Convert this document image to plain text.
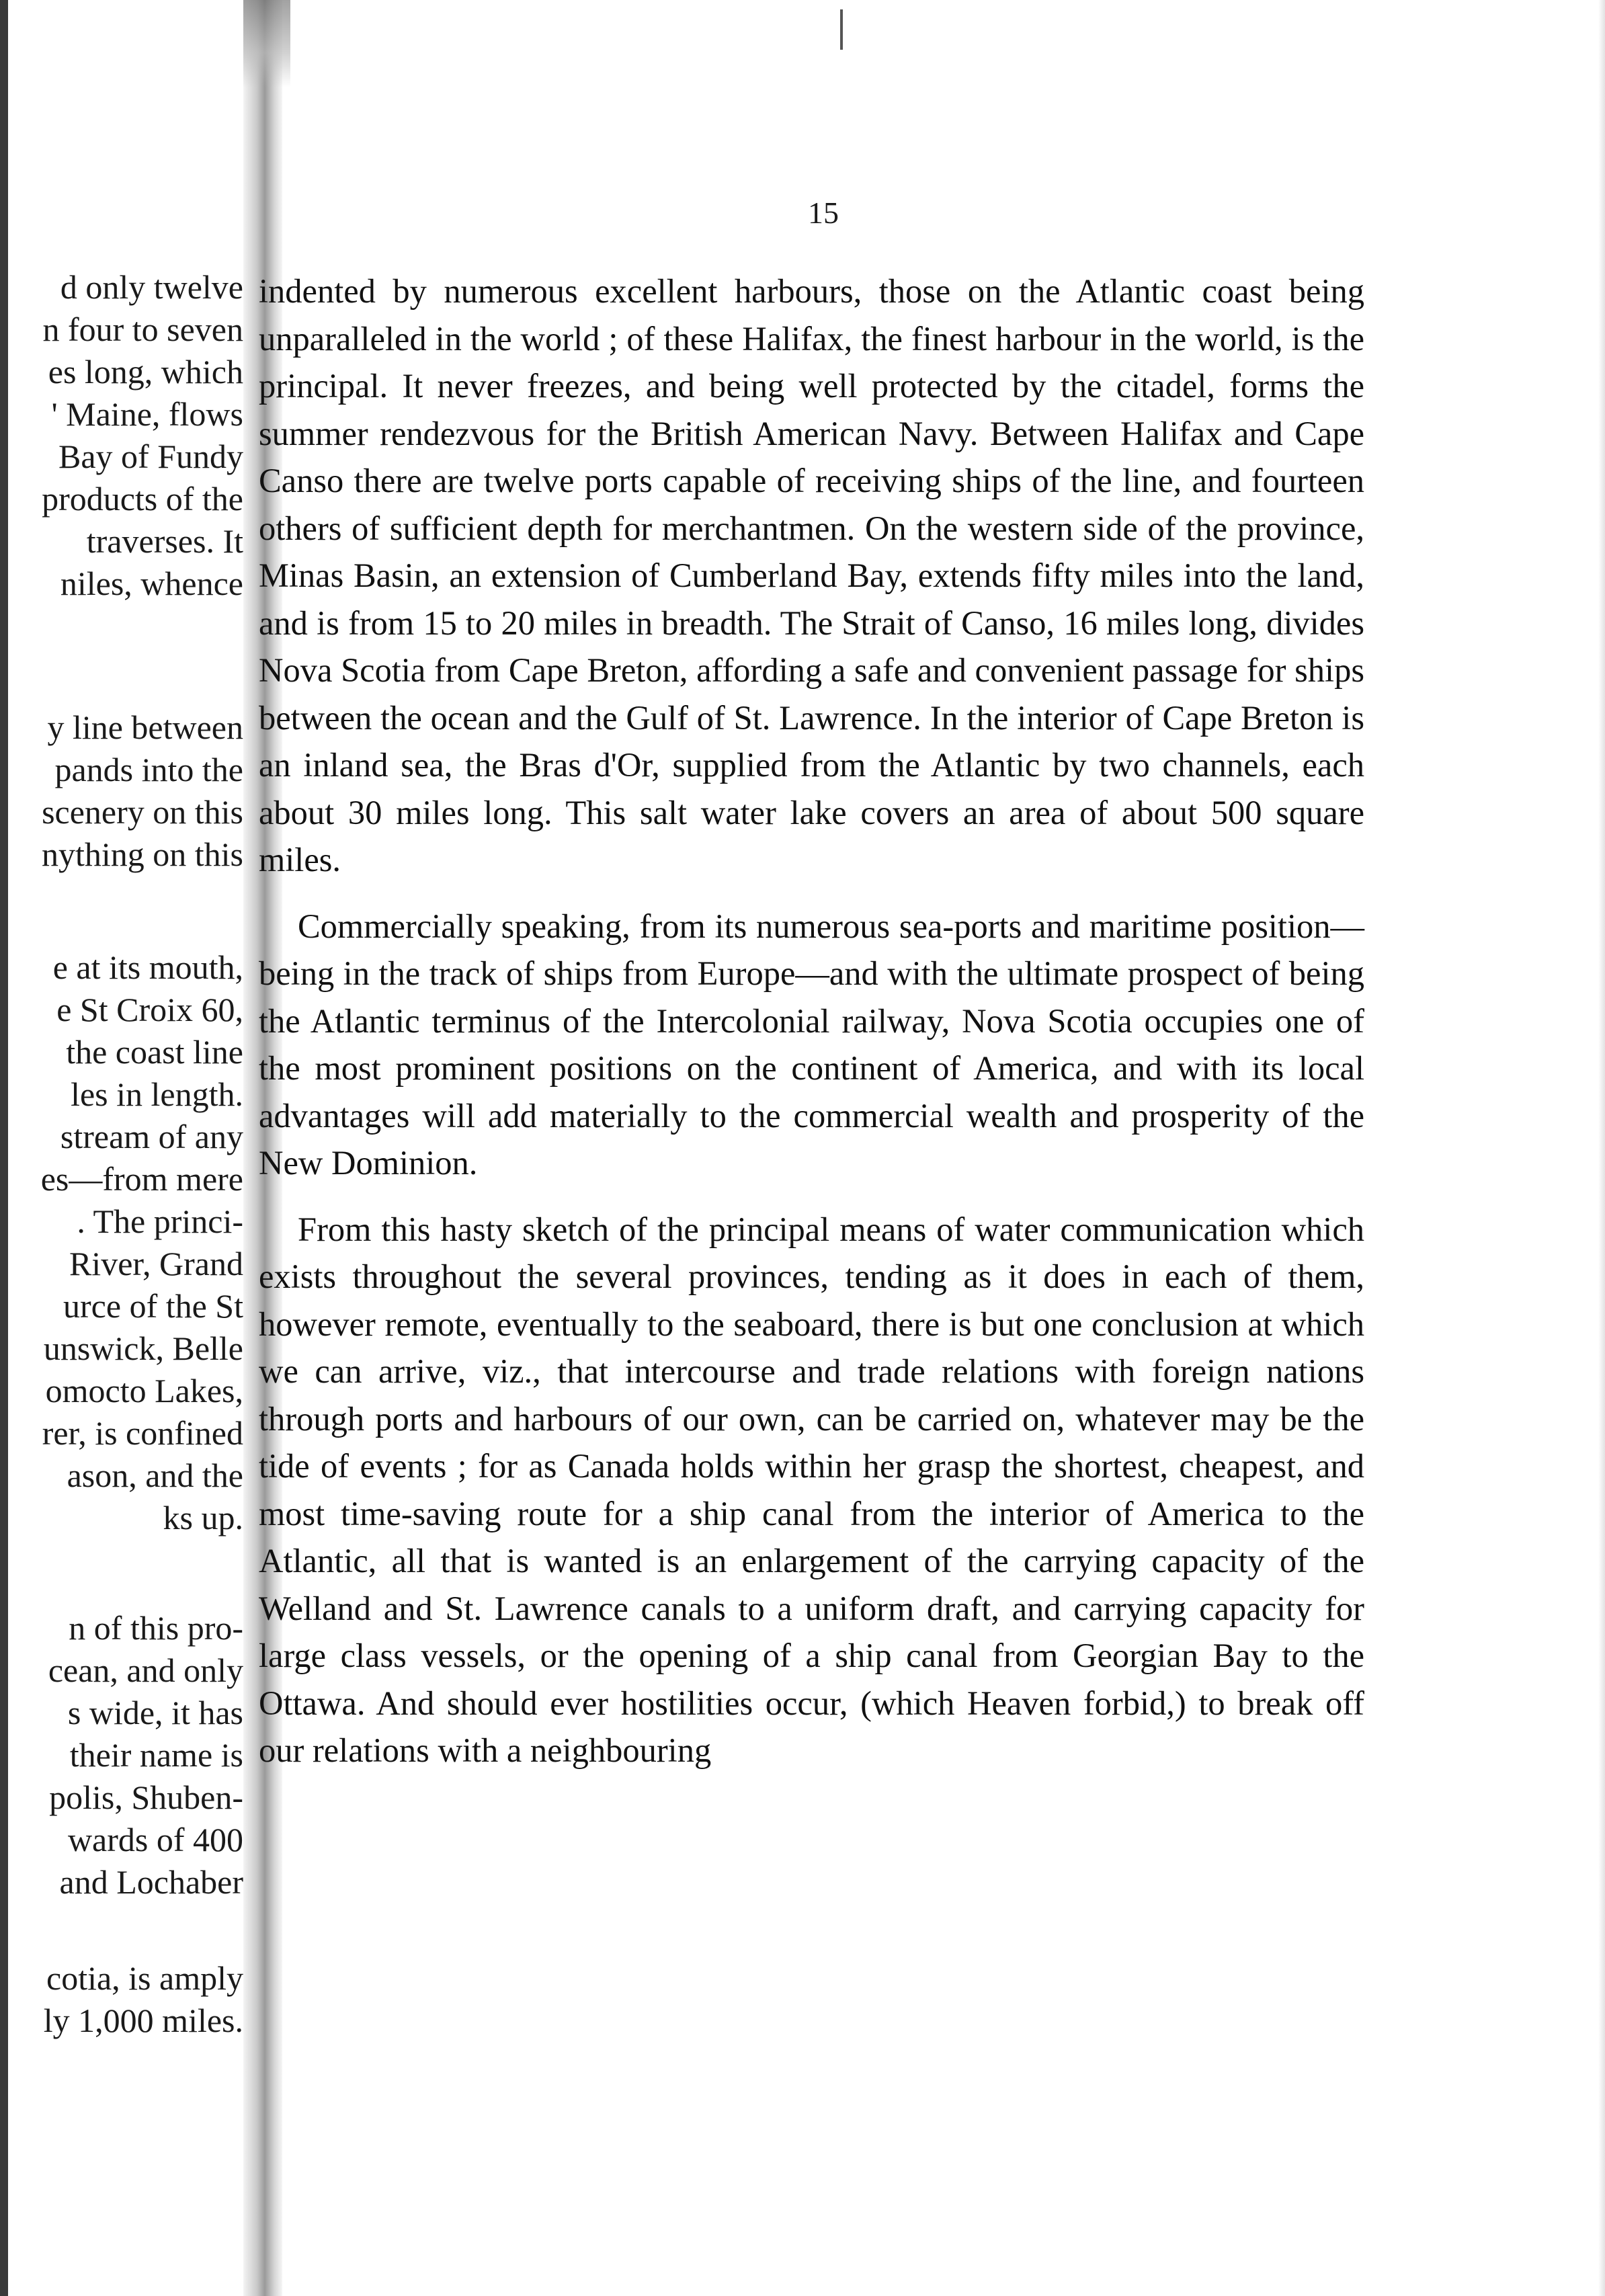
d only twelve
n four to seven
es long, which
' Maine, flows
Bay of Fundy
products of the
traverses. It
niles, whence
y line between
pands into the
scenery on this
nything on this
e at its mouth,
e St Croix 60,
the coast line
les in length.
stream of any
es—from mere
. The princi-
River, Grand
urce of the St
unswick, Belle
omocto Lakes,
rer, is confined
ason, and the
ks up.
n of this pro-
cean, and only
s wide, it has
their name is
polis, Shuben-
wards of 400
and Lochaber
cotia, is amply
ly 1,000 miles.
15

indented by numerous excellent harbours, those on the Atlantic coast being unparalleled in the world ; of these Halifax, the finest harbour in the world, is the principal. It never freezes, and being well protected by the citadel, forms the summer rendezvous for the British American Navy. Between Halifax and Cape Canso there are twelve ports capable of receiving ships of the line, and fourteen others of sufficient depth for merchantmen. On the western side of the province, Minas Basin, an extension of Cumberland Bay, extends fifty miles into the land, and is from 15 to 20 miles in breadth. The Strait of Canso, 16 miles long, divides Nova Scotia from Cape Breton, affording a safe and convenient passage for ships between the ocean and the Gulf of St. Lawrence. In the interior of Cape Breton is an inland sea, the Bras d'Or, supplied from the Atlantic by two channels, each about 30 miles long. This salt water lake covers an area of about 500 square miles.

Commercially speaking, from its numerous sea-ports and maritime position—being in the track of ships from Europe—and with the ultimate prospect of being the Atlantic terminus of the Intercolonial railway, Nova Scotia occupies one of the most prominent positions on the continent of America, and with its local advantages will add materially to the commercial wealth and prosperity of the New Dominion.

From this hasty sketch of the principal means of water communication which exists throughout the several provinces, tending as it does in each of them, however remote, eventually to the seaboard, there is but one conclusion at which we can arrive, viz., that intercourse and trade relations with foreign nations through ports and harbours of our own, can be carried on, whatever may be the tide of events ; for as Canada holds within her grasp the shortest, cheapest, and most time-saving route for a ship canal from the interior of America to the Atlantic, all that is wanted is an enlargement of the carrying capacity of the Welland and St. Lawrence canals to a uniform draft, and carrying capacity for large class vessels, or the opening of a ship canal from Georgian Bay to the Ottawa. And should ever hostilities occur, (which Heaven forbid,) to break off our relations with a neighbouring
